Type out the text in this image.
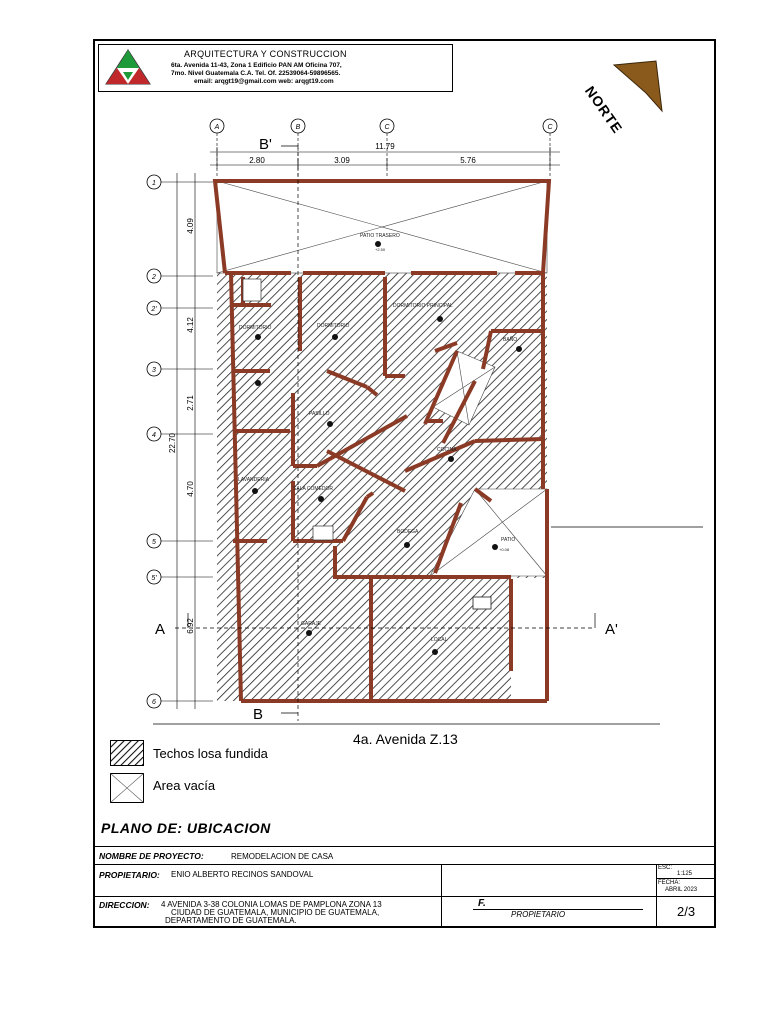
ARQUITECTURA Y CONSTRUCCION
6ta. Avenida 11-43, Zona 1 Edificio PAN AM Oficina 707,
7mo. Nivel Guatemala C.A. Tel. Of. 22539064-59896565.
email: arqgt19@gmail.com web: arqgt19.com
NORTE
PATIO TRASERO
+2.50
DORMITORIO PRINCIPAL
DORMITORIO	DORMITORIO
BAÑO
PASILLO
COCINA
LAVANDERIA
SALA COMEDOR
BODEGA
PATIO
+0.08
GARAJE
LOCAL
A	B	C	C
11.79
2.80	3.09	5.76
1
2
2'
3
4
5
5'
6
4.09
4.12
2.71
4.70
6.92
22.70
B'
B
A	A'
4a. Avenida Z.13
Techos losa fundida
Area vacía
PLANO DE: UBICACION
NOMBRE DE PROYECTO:	REMODELACION DE CASA
PROPIETARIO: ENIO ALBERTO RECINOS SANDOVAL
DIRECCION: 4 AVENIDA 3-38 COLONIA LOMAS DE PAMPLONA ZONA 13
CIUDAD DE GUATEMALA, MUNICIPIO DE GUATEMALA,
DEPARTAMENTO DE GUATEMALA.
ESC:
1:125
FECHA:
ABRIL 2023
F.
PROPIETARIO	2/3
